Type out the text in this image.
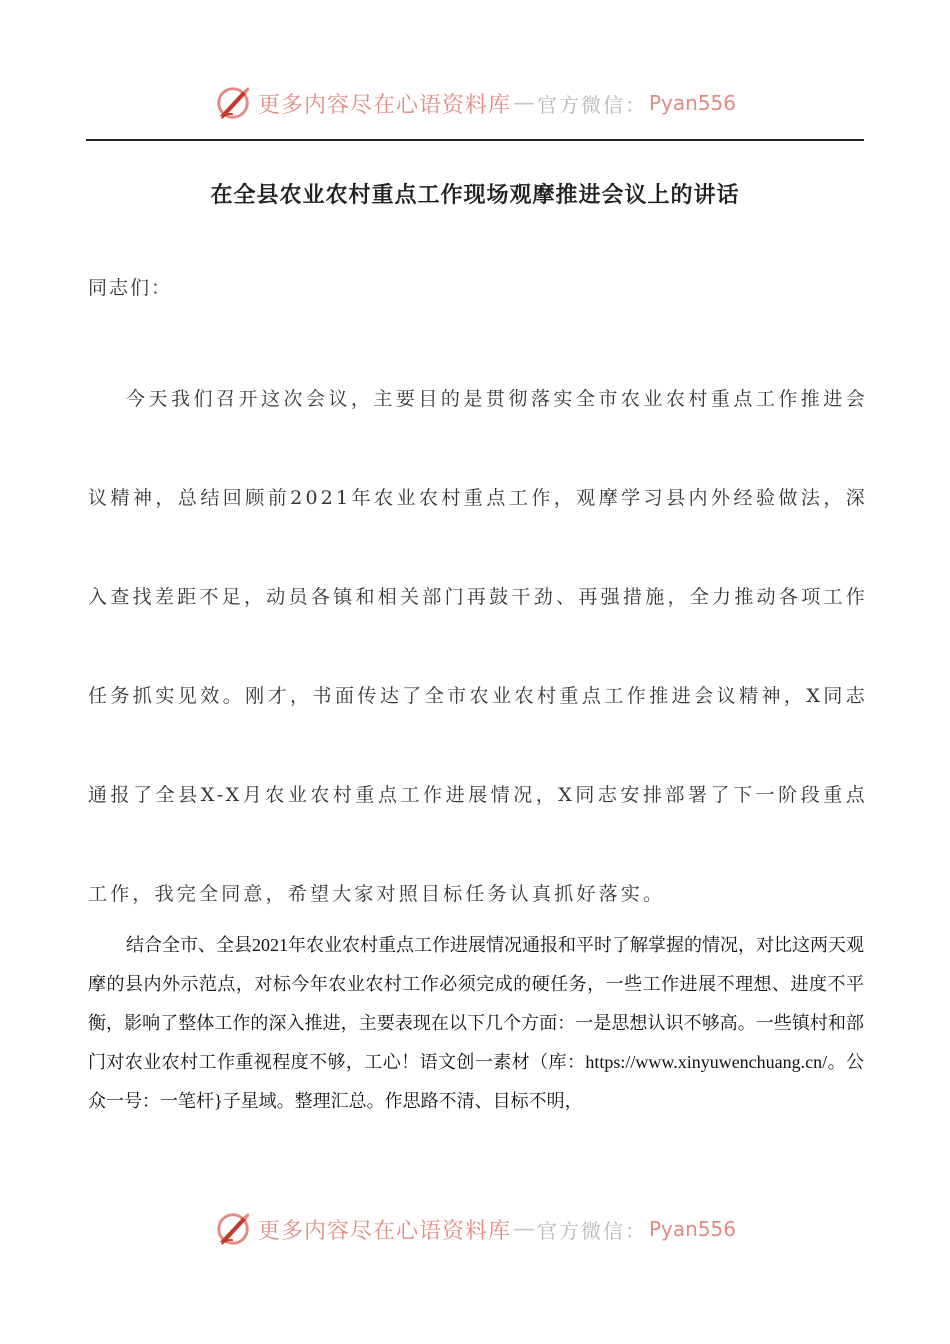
更多内容尽在心语资料库 — 官方微信： Pyan556
在全县农业农村重点工作现场观摩推进会议上的讲话
同志们：
今天我们召开这次会议，主要目的是贯彻落实全市农业农村重点工作推进会议精神，总结回顾前2021年农业农村重点工作，观摩学习县内外经验做法，深入查找差距不足，动员各镇和相关部门再鼓干劲、再强措施，全力推动各项工作任务抓实见效。刚才，书面传达了全市农业农村重点工作推进会议精神，X同志通报了全县X-X月农业农村重点工作进展情况，X同志安排部署了下一阶段重点工作，我完全同意，希望大家对照目标任务认真抓好落实。
结合全市、全县2021年农业农村重点工作进展情况通报和平时了解掌握的情况，对比这两天观摩的县内外示范点，对标今年农业农村工作必须完成的硬任务，一些工作进展不理想、进度不平衡，影响了整体工作的深入推进，主要表现在以下几个方面：一是思想认识不够高。一些镇村和部门对农业农村工作重视程度不够，工心！语文创一素材（库：https://www.xinyuwenchuang.cn/。公众一号：一笔杆}子星域。整理汇总。作思路不清、目标不明，
更多内容尽在心语资料库 — 官方微信： Pyan556
